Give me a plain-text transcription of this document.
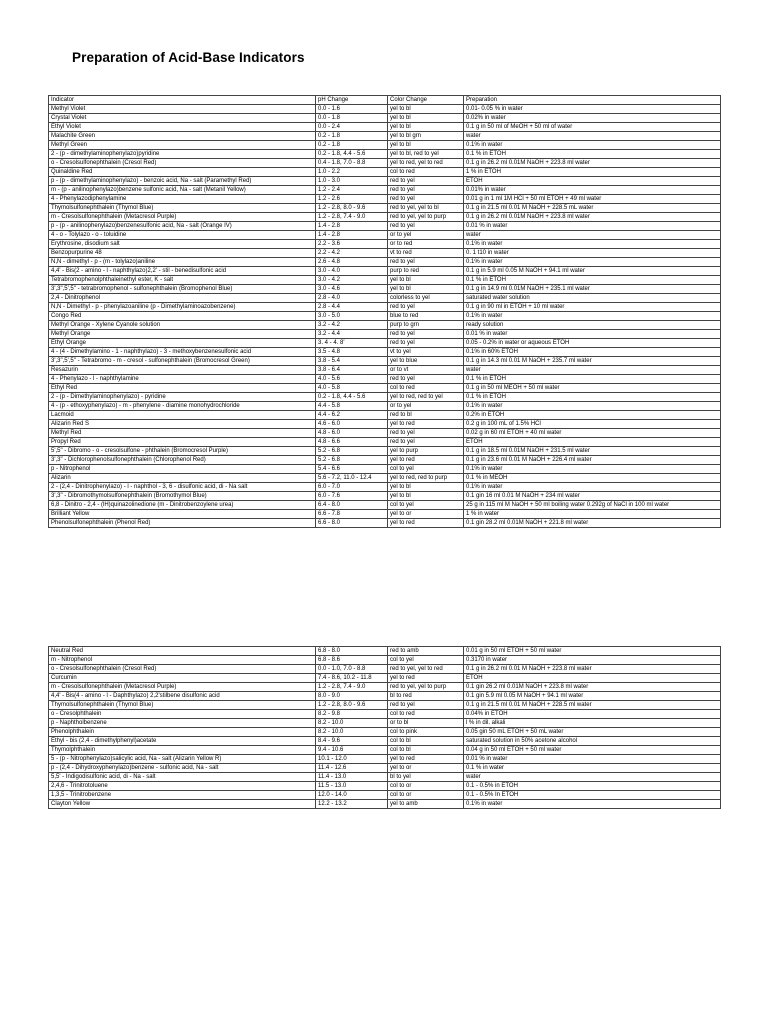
Preparation of Acid-Base Indicators
Indicator	pH Change	Color Change	Preparation
Methyl Violet	0.0 - 1.6	yel to bl	0.01- 0.05 % in water
Crystal Violet	0.0 - 1.8	yel to bl	0.02% in water
Ethyl Violet	0.0 - 2.4	yel to bl	0.1 g in 50 ml of MeOH + 50 ml of water
Malachite Green	0.2 - 1.8	yel to bl grn	water
Methyl Green	0.2 - 1.8	yel to bl	0.1% in water
2 - (p - dimethylaminophenylazo)pyridine	0.2 - 1.8, 4.4 - 5.6	yel to bl, red to yel	0.1 % in ETOH
o - Cresolsulfonephthalein (Cresol Red)	0.4 - 1.8, 7.0 - 8.8	yel to red, yel to red	0.1 g in 26.2 ml 0.01M NaOH + 223.8 ml water
Quinaldine Red	1.0 - 2.2	col to red	1 % in ETOH
p - (p - dimethylaminophenylazo) - benzoic acid, Na - salt (Paramethyl Red)	1.0 - 3.0	red to yel	ETOH
m - (p - anilinophenylazo)benzene sulfonic acid, Na - salt (Metanil Yellow)	1.2 - 2.4	red to yel	0.01% in water
4 - Phenylazodiphenylamine	1.2 - 2.6	red to yel	0.01 g in 1 ml 1M HCl + 50 ml ETOH + 49 ml water
Thymolsulfonephthalein (Thymol Blue)	1.2 - 2.8, 8.0 - 9.6	red to yel, yel to bl	0.1 g in 21.5 ml 0.01 M NaOH + 228.5 mL water
m - Cresolsulfonephthalein (Metacresol Purple)	1.2 - 2.8, 7.4 - 9.0	red to yel, yel to purp	0.1 g in 26.2 ml 0.01M NaOH + 223.8 ml water
p - (p - anilinophenylazo)benzenesulfonic acid, Na - salt (Orange IV)	1.4 - 2.8	red to yel	0.01 % in water
4 - o - Tolylazo - o - toluidine	1.4 - 2.8	or to yel	water
Erythrosine, disodium salt	2.2 - 3.6	or to red	0.1% in water
Benzopurpurine 48	2.2 - 4.2	vt to red	0. 1 t10 in water
N,N - dimethyl - p - (m - tolylazo)aniline	2.6 - 4.8	red to yel	0.1% in water
4,4' - Bis(2 - amino - l - naphthylazo)2,2' - stil - benedisulfonic acid	3.0 - 4.0	purp to red	0.1 g in 5.9 ml 0.05 M NaOH + 94.1 ml water
Tetrabromophenolphthaleinethyl ester, K - salt	3.0 - 4.2	yel to bl	0.1 % in ETOH
3',3",5',5" - tetrabromophenol - sulfonephthalein (Bromophenol Blue)	3.0 - 4.6	yel to bl	0.1 g in 14.9 ml 0.01M NaOH + 235.1 ml water
2,4 - Dinitrophenol	2.8 - 4.0	colorless to yel	saturated water solution
N,N - Dimethyl - p - phenylazoaniline (p - Dimethylaminoazobenzene)	2.8 - 4.4	red to yel	0.1 g in 90 ml in ETOH + 10 ml water
Congo Red	3.0 - 5.0	blue to red	0.1% in water
Methyl Orange - Xylene Cyanole solution	3.2 - 4.2	purp to grn	ready solution
Methyl Orange	3.2 - 4.4	red to yel	0.01 % in water
Ethyl Orange	3. 4 - 4. 8'	red to yel	0.05 - 0.2% in water or aqueous ETOH
4 - (4 - Dimethylamino - 1 - naphthylazo) - 3 - methoxybenzenesulfonic acid	3.5 - 4.8	vt to yel	0.1% in 60% ETOH
3',3",5',5" - Tetrabromo - m - cresol - sulfonephthalein (Bromocresol Green)	3.8 - 5.4	yel to blue	0.1 g in 14.3 ml 0.01 M NaOH + 235.7 ml water
Resazurin	3.8 - 6.4	or to vt	water
4 - Phenylazo - l - naphthylamine	4.0 - 5.6	red to yel	0.1 % in ETOH
Ethyl Red	4.0 - 5.8	col to red	0.1 g in 50 ml MEOH + 50 ml water
2 - (p - Dimethylaminophenylazo) - pyridine	0.2 - 1.8, 4.4 - 5.6	yel to red, red to yel	0.1 % in ETOH
4 - (p - ethoxyphenylazo) - m - phenylene - diamine monohydrochloride	4.4 - 5.8	or to yel	0.1% in water
Lacmoid	4.4 - 6.2	red to bl	0.2% in ETOH
Alizarin Red S	4.6 - 6.0	yel to red	0.2 g in 100 mL of 1.5% HCl
Methyl Red	4.8 - 6.0	red to yel	0.02 g in 60 ml ETOH + 40 ml water
Propyl Red	4.8 - 6.6	red to yel	ETOH
5',5" - Dibromo - o - cresolsulfone - phthalein (Bromocresol Purple)	5.2 - 6.8	yel to purp	0.1 g in 18.5 ml 0.01M NaOH + 231.5 ml water
3',3" - Dichlorophenolsulfonephthalein (Chlorophenol Red)	5.2 - 6.8	yel to red	0.1 g in 23.6 ml 0.01 M NaOH + 226.4 ml water
p - Nitrophenol	5.4 - 6.6	col to yel	0.1% in water
Alizarin	5.6 - 7.2, 11.0 - 12.4	yel to red, red to purp	0.1 % in MEOH
2 - (2,4 - Dinitrophenylazo) - l - naphthol - 3, 6 - disulfonic acid, di - Na salt	6.0 - 7.0	yel to bl	0.1% in water
3',3" - Dibromothymolsulfonephthalein (Bromothymol Blue)	6.0 - 7.6	yel to bl	0.1 gin 16 ml 0.01 M NaOH + 234 ml water
6,8 - Dinitro - 2,4 - (lH)quinazolinedione (m - Dinitrobenzoylene urea)	6.4 - 8.0	col to yel	25 g in 115 ml M NaOH + 50 ml boiling water 0.292g of NaCl in 100 ml water
Brilliant Yellow	6.6 - 7.8	yel to or	1 % in water
Phenolsulfonephthalein (Phenol Red)	6.6 - 8.0	yel to red	0.1 gin 28.2 ml 0.01M NaOH + 221.8 ml water
Neutral Red	6.8 - 8.0	red to amb	0.01 g in 50 ml ETOH + 50 ml water
m - Nitrophenol	6.8 - 8.6	col to yel	0.3170 in water
o - Cresolsulfonephthalein (Cresol Red)	0.0 - 1.0, 7.0 - 8.8	red to yel, yel to red	0.1 g in 26.2 ml 0.01 M NaOH + 223.8 ml water
Curcumin	7.4 - 8.6, 10.2 - 11.8	yel to red	ETOH
m - Cresolsulfonephthalein (Metacresol Purple)	1.2 - 2.8, 7.4 - 9.0	red to yel, yel to purp	0.1 gin 26.2 ml 0.01M NaOH + 223.8 ml water
4,4' - Bis(4 - amino - l - Daphthylazo) 2,2'stilbene disulfonic acid	8.0 - 9.0	bl to red	0.1 gin 5.9 ml 0.05 M NaOH + 94.1 ml water
Thymolsulfonephthalein (Thymol Blue)	1.2 - 2.8, 8.0 - 9.6	red to yel	0.1 g in 21.5 ml 0.01 M NaOH + 228.5 ml water
o - Cresolphthalein	8.2 - 9.8	col to red	0.04% in ETOH
p - Naphtholbenzene	8.2 - 10.0	or to bl	l % in dil. alkali
Phenolphthalein	8.2 - 10.0	col to pink	0.05 gin 50 mL ETOH + 50 mL water
Ethyl - bis (2,4 - dimethylphenyl)acetate	8.4 - 9.6	col to bl	saturated solution in 50% acetone alcohol
Thymolphthalein	9.4 - 10.6	col to bl	0.04 g in 50 ml ETOH + 50 ml water
5 - (p - Nitrophenylazo)salicylic acid, Na - salt (Alizarin Yellow R)	10.1 - 12.0	yel to red	0.01 % in water
p - (2,4 - Dihydroxyphenylazo)benzene - sulfonic acid, Na - salt	11.4 - 12.6	yel to or	0.1 % in water
5,5' - Indigodisulfonic acid, di - Na - salt	11.4 - 13.0	bl to yel	water
2,4,6 - Trinitrotoluene	11.5 - 13.0	col to or	0.1 - 0.5% in ETOH
1,3,5 - Trinitrobenzene	12.0 - 14.0	col to or	0.1 - 0.5% In ETOH
Clayton Yellow	12.2 - 13.2	yel to amb	0.1% in water
